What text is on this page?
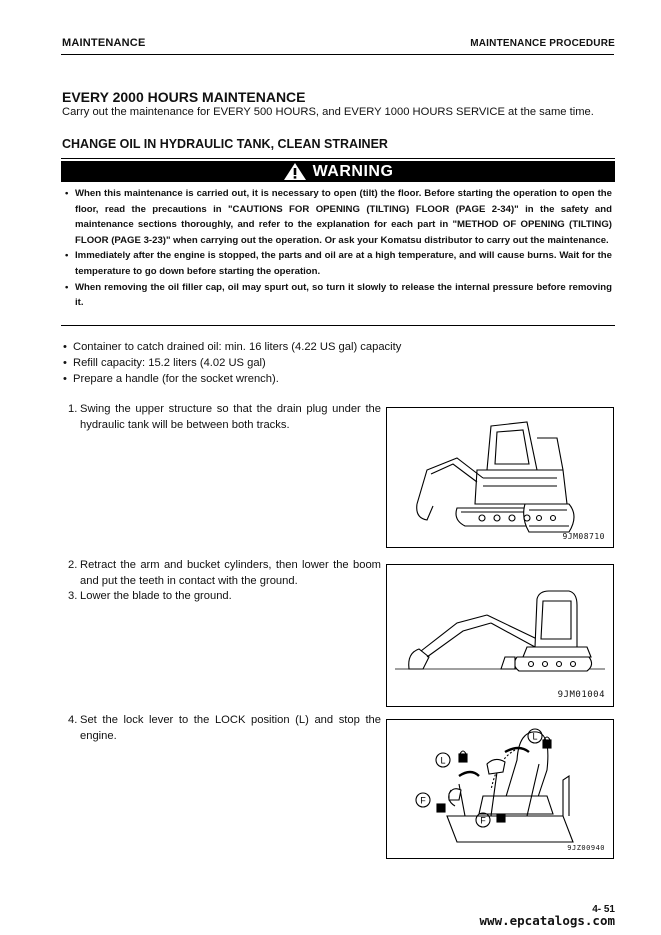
MAINTENANCE	MAINTENANCE PROCEDURE
EVERY 2000 HOURS MAINTENANCE
Carry out the maintenance for EVERY 500 HOURS, and EVERY 1000 HOURS SERVICE at the same time.
CHANGE OIL IN HYDRAULIC TANK, CLEAN STRAINER
WARNING
• When this maintenance is carried out, it is necessary to open (tilt) the floor. Before starting the operation to open the floor, read the precautions in "CAUTIONS FOR OPENING (TILTING) FLOOR (PAGE 2-34)" in the safety and maintenance sections thoroughly, and refer to the explanation for each part in "METHOD OF OPENING (TILTING) FLOOR (PAGE 3-23)" when carrying out the operation. Or ask your Komatsu distributor to carry out the maintenance.
• Immediately after the engine is stopped, the parts and oil are at a high temperature, and will cause burns. Wait for the temperature to go down before starting the operation.
• When removing the oil filler cap, oil may spurt out, so turn it slowly to release the internal pressure before removing it.
• Container to catch drained oil: min. 16 liters (4.22 US gal) capacity
• Refill capacity: 15.2 liters (4.02 US gal)
• Prepare a handle (for the socket wrench).
1. Swing the upper structure so that the drain plug under the hydraulic tank will be between both tracks.
9JM08710
2. Retract the arm and bucket cylinders, then lower the boom and put the teeth in contact with the ground.
3. Lower the blade to the ground.
9JM01004
4. Set the lock lever to the LOCK position (L) and stop the engine.
L
L
F
F
9JZ00940
4- 51
www.epcatalogs.com
